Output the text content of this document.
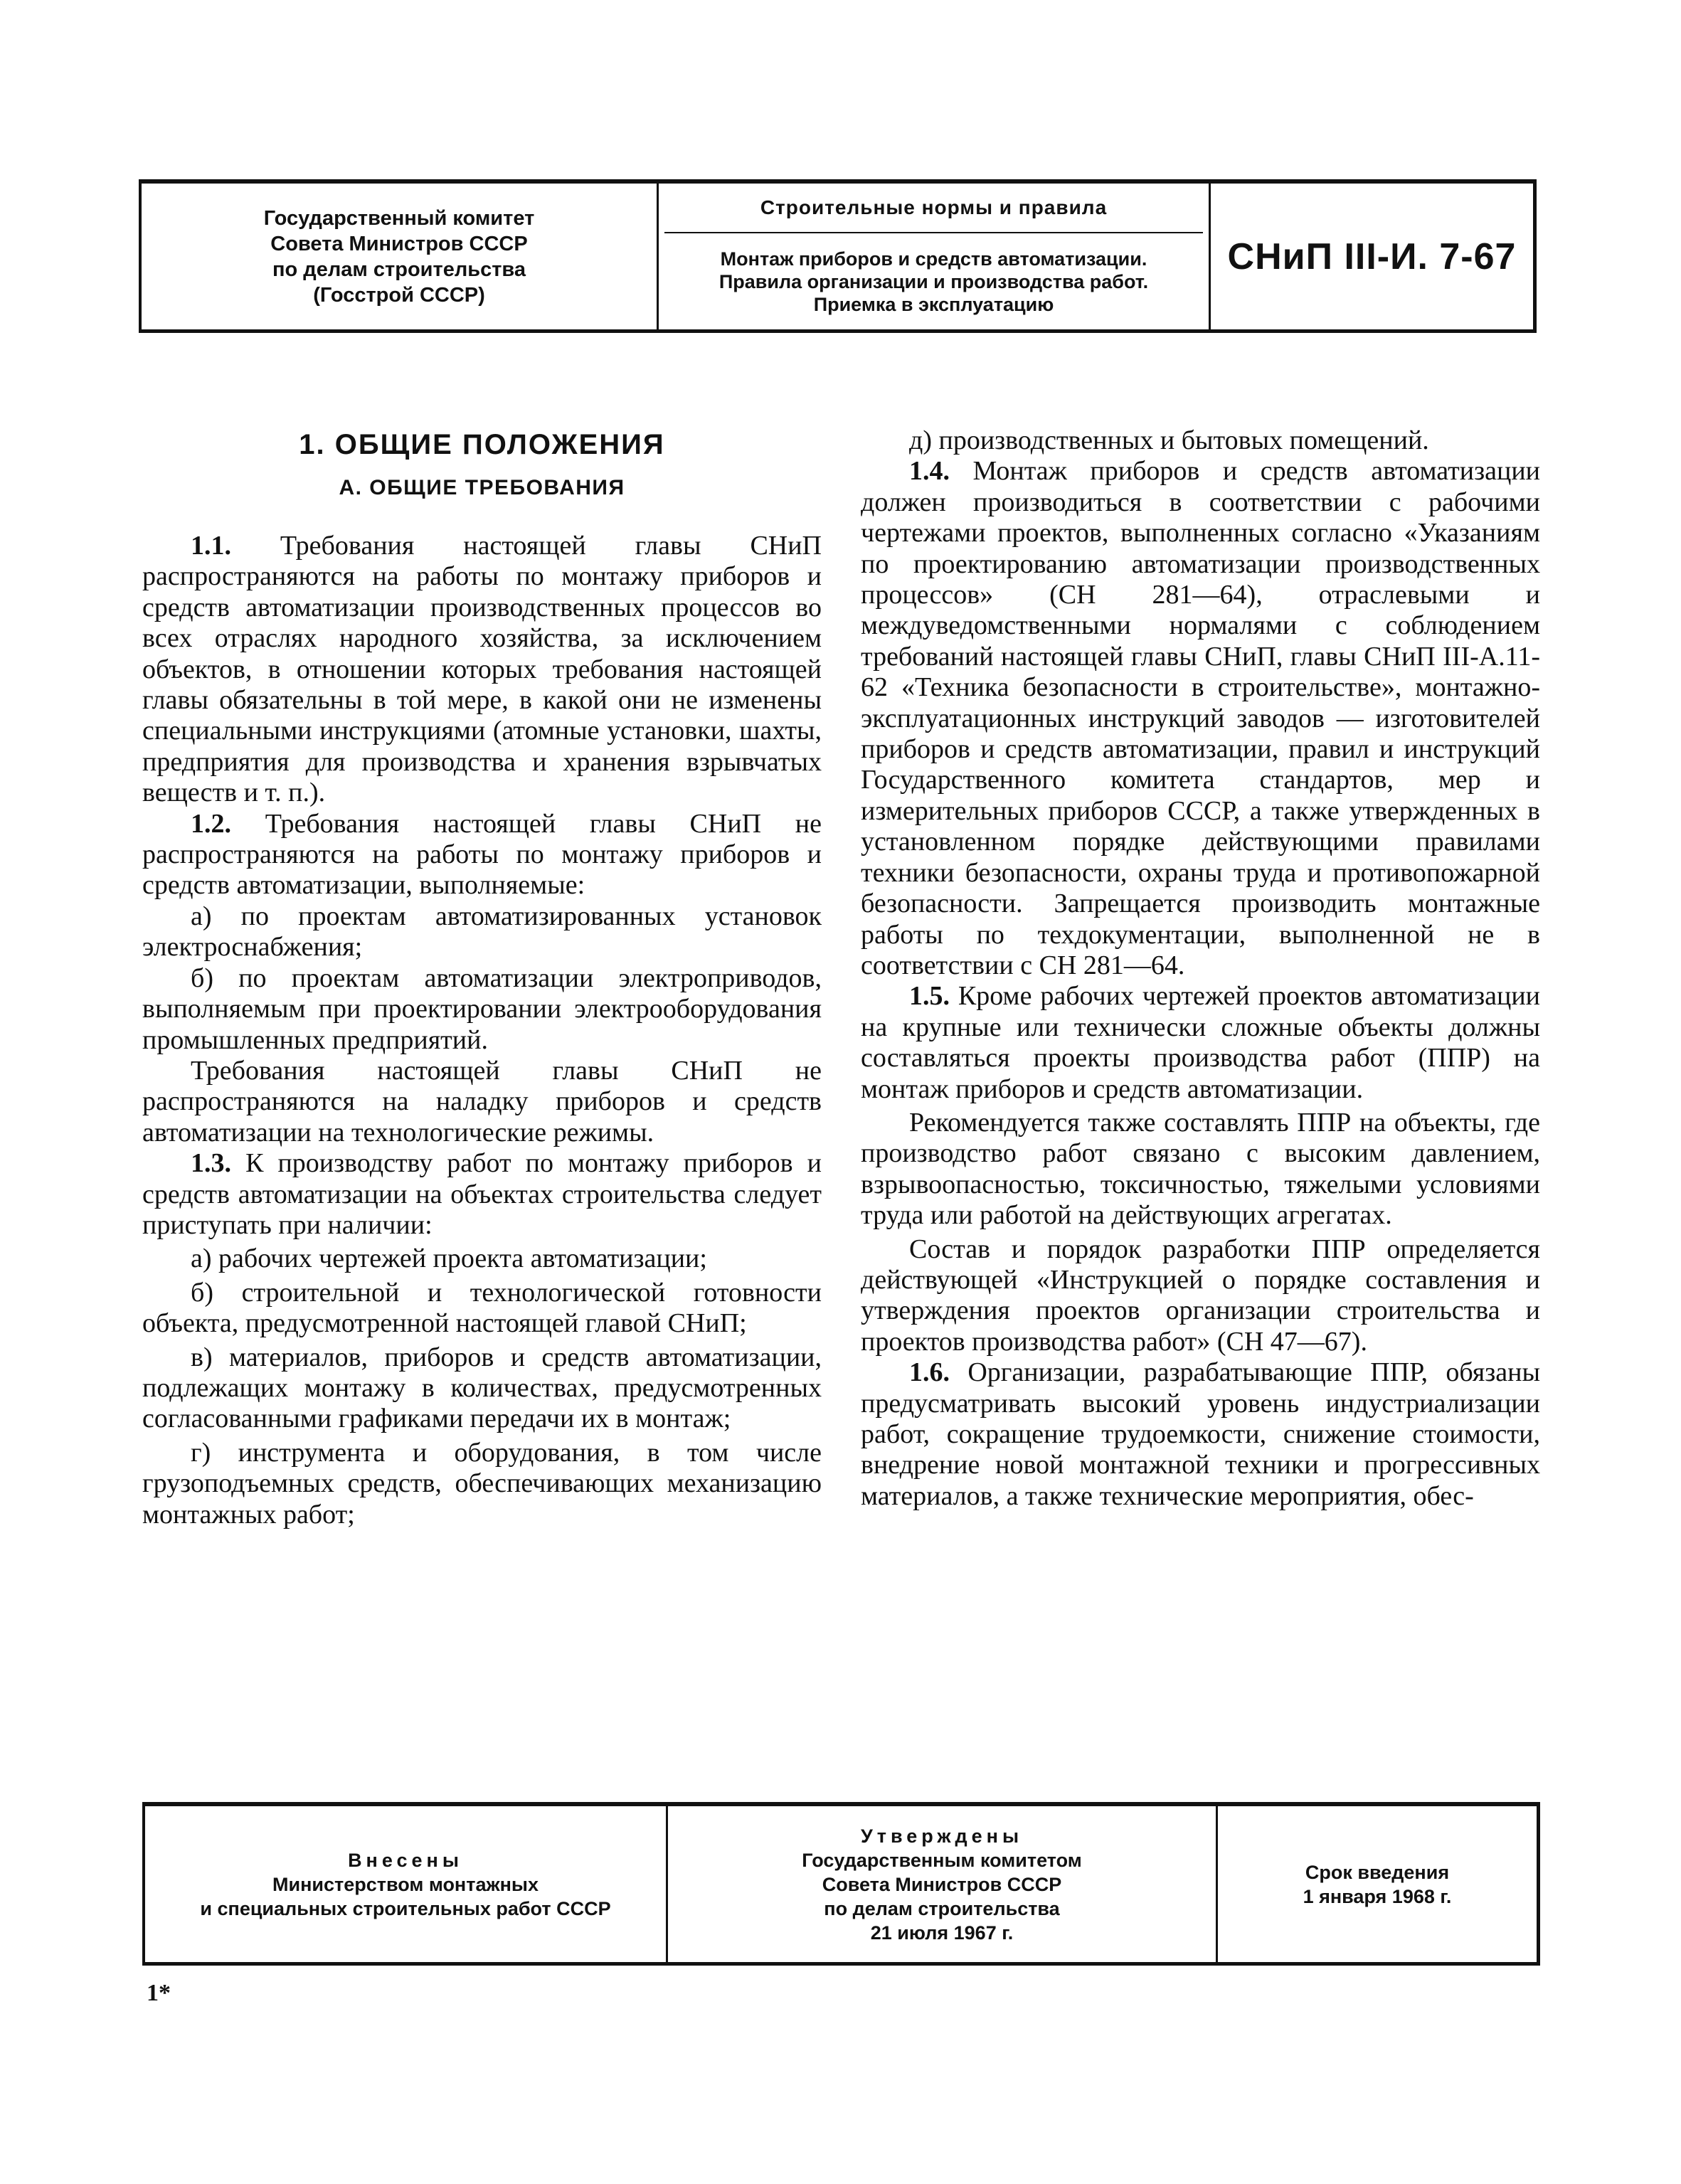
Государственный комитет
Совета Министров СССР
по делам строительства
(Госстрой СССР)
Строительные нормы и правила
Монтаж приборов и средств автоматизации.
Правила организации и производства работ.
Приемка в эксплуатацию
СНиП III-И. 7-67
1. ОБЩИЕ ПОЛОЖЕНИЯ
А. ОБЩИЕ ТРЕБОВАНИЯ

1.1. Требования настоящей главы СНиП распространяются на работы по монтажу приборов и средств автоматизации производственных процессов во всех отраслях народного хозяйства, за исключением объектов, в отношении которых требования настоящей главы обязательны в той мере, в какой они не изменены специальными инструкциями (атомные установки, шахты, предприятия для производства и хранения взрывчатых веществ и т. п.).

1.2. Требования настоящей главы СНиП не распространяются на работы по монтажу приборов и средств автоматизации, выполняемые:

а) по проектам автоматизированных установок электроснабжения;

б) по проектам автоматизации электроприводов, выполняемым при проектировании электрооборудования промышленных предприятий.

Требования настоящей главы СНиП не распространяются на наладку приборов и средств автоматизации на технологические режимы.

1.3. К производству работ по монтажу приборов и средств автоматизации на объектах строительства следует приступать при наличии:

а) рабочих чертежей проекта автоматизации;

б) строительной и технологической готовности объекта, предусмотренной настоящей главой СНиП;

в) материалов, приборов и средств автоматизации, подлежащих монтажу в количествах, предусмотренных согласованными графиками передачи их в монтаж;

г) инструмента и оборудования, в том числе грузоподъемных средств, обеспечивающих механизацию монтажных работ;

д) производственных и бытовых помещений.

1.4. Монтаж приборов и средств автоматизации должен производиться в соответствии с рабочими чертежами проектов, выполненных согласно «Указаниям по проектированию автоматизации производственных процессов» (СН 281—64), отраслевыми и междуведомственными нормалями с соблюдением требований настоящей главы СНиП, главы СНиП III-А.11-62 «Техника безопасности в строительстве», монтажно-эксплуатационных инструкций заводов — изготовителей приборов и средств автоматизации, правил и инструкций Государственного комитета стандартов, мер и измерительных приборов СССР, а также утвержденных в установленном порядке действующими правилами техники безопасности, охраны труда и противопожарной безопасности. Запрещается производить монтажные работы по техдокументации, выполненной не в соответствии с СН 281—64.

1.5. Кроме рабочих чертежей проектов автоматизации на крупные или технически сложные объекты должны составляться проекты производства работ (ППР) на монтаж приборов и средств автоматизации.

Рекомендуется также составлять ППР на объекты, где производство работ связано с высоким давлением, взрывоопасностью, токсичностью, тяжелыми условиями труда или работой на действующих агрегатах.

Состав и порядок разработки ППР определяется действующей «Инструкцией о порядке составления и утверждения проектов организации строительства и проектов производства работ» (СН 47—67).

1.6. Организации, разрабатывающие ППР, обязаны предусматривать высокий уровень индустриализации работ, сокращение трудоемкости, снижение стоимости, внедрение новой монтажной техники и прогрессивных материалов, а также технические мероприятия, обес-

Внесены
Министерством монтажных
и специальных строительных работ СССР
Утверждены
Государственным комитетом
Совета Министров СССР
по делам строительства
21 июля 1967 г.
Срок введения
1 января 1968 г.
1*
